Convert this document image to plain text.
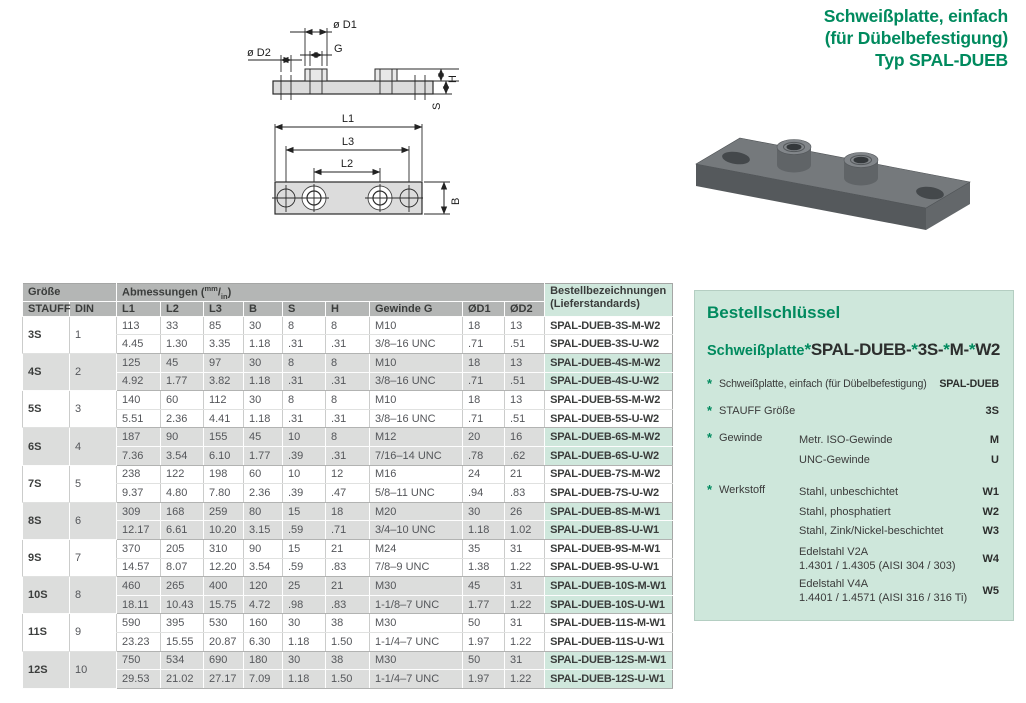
Schweißplatte, einfach
(für Dübelbefestigung)
Typ SPAL-DUEB
ø D1
G
ø D2
H
S
L1
L3
L2
B
Größe		Abmessungen $(^{mm}/_{in})$									Bestellbezeichnungen
(Lieferstandards)

STAUFF	DIN	L1	L2	L3	B	S	H	Gewinde G	ØD1	ØD2	
3S	1	113	33	85	30	8	8	M10	18	13	SPAL-DUEB-3S-M-W2
		4.45	1.30	3.35	1.18	.31	.31	3/8–16 UNC	.71	.51	SPAL-DUEB-3S-U-W2
4S	2	125	45	97	30	8	8	M10	18	13	SPAL-DUEB-4S-M-W2
		4.92	1.77	3.82	1.18	.31	.31	3/8–16 UNC	.71	.51	SPAL-DUEB-4S-U-W2
5S	3	140	60	112	30	8	8	M10	18	13	SPAL-DUEB-5S-M-W2
		5.51	2.36	4.41	1.18	.31	.31	3/8–16 UNC	.71	.51	SPAL-DUEB-5S-U-W2
6S	4	187	90	155	45	10	8	M12	20	16	SPAL-DUEB-6S-M-W2
		7.36	3.54	6.10	1.77	.39	.31	7/16–14 UNC	.78	.62	SPAL-DUEB-6S-U-W2
7S	5	238	122	198	60	10	12	M16	24	21	SPAL-DUEB-7S-M-W2
		9.37	4.80	7.80	2.36	.39	.47	5/8–11 UNC	.94	.83	SPAL-DUEB-7S-U-W2
8S	6	309	168	259	80	15	18	M20	30	26	SPAL-DUEB-8S-M-W1
		12.17	6.61	10.20	3.15	.59	.71	3/4–10 UNC	1.18	1.02	SPAL-DUEB-8S-U-W1
9S	7	370	205	310	90	15	21	M24	35	31	SPAL-DUEB-9S-M-W1
		14.57	8.07	12.20	3.54	.59	.83	7/8–9 UNC	1.38	1.22	SPAL-DUEB-9S-U-W1
10S	8	460	265	400	120	25	21	M30	45	31	SPAL-DUEB-10S-M-W1
		18.11	10.43	15.75	4.72	.98	.83	1-1/8–7 UNC	1.77	1.22	SPAL-DUEB-10S-U-W1
11S	9	590	395	530	160	30	38	M30	50	31	SPAL-DUEB-11S-M-W1
		23.23	15.55	20.87	6.30	1.18	1.50	1-1/4–7 UNC	1.97	1.22	SPAL-DUEB-11S-U-W1
12S	10	750	534	690	180	30	38	M30	50	31	SPAL-DUEB-12S-M-W1
		29.53	21.02	27.17	7.09	1.18	1.50	1-1/4–7 UNC	1.97	1.22	SPAL-DUEB-12S-U-W1
Bestellschlüssel
Schweißplatte *SPAL-DUEB-*3S-*M-*W2
* Schweißplatte, einfach (für Dübelbefestigung) SPAL-DUEB
* STAUFF Größe	3S
* Gewinde	Metr. ISO-Gewinde	M
UNC-Gewinde	U
* Werkstoff	Stahl, unbeschichtet	W1
Stahl, phosphatiert	W2
Stahl, Zink/Nickel-beschichtet	W3
Edelstahl V2A
1.4301 / 1.4305 (AISI 304 / 303)
W4
Edelstahl V4A
1.4401 / 1.4571 (AISI 316 / 316 Ti)
W5
